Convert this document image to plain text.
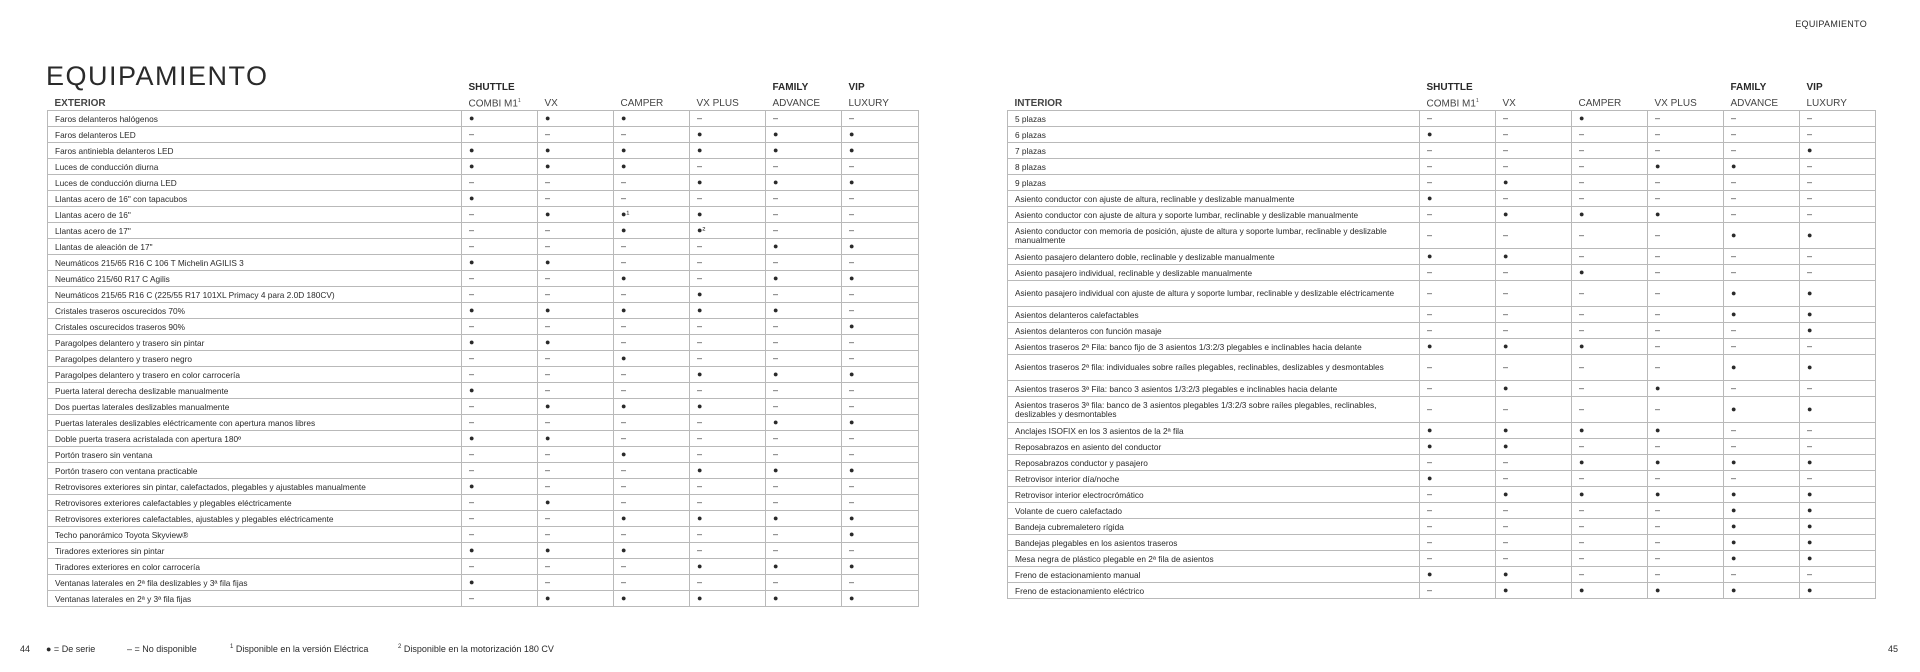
EQUIPAMIENTO
EQUIPAMIENTO
		SHUTTLE				FAMILY	VIP
EXTERIOR	COMBI $M1^1$	VX	CAMPER	VX PLUS	ADVANCE	LUXURY
Faros delanteros halógenos	●	●	●	–	–	–
Faros delanteros LED	–	–	–	●	●	●
Faros antiniebla delanteros LED	●	●	●	●	●	●
Luces de conducción diurna	●	●	●	–	–	–
Luces de conducción diurna LED	–	–	–	●	●	●
Llantas acero de 16" con tapacubos	●	–	–	–	–	–
Llantas acero de 16"	–	●	●¹	●	–	–
Llantas acero de 17"	–	–	●	●²	–	–
Llantas de aleación de 17"	–	–	–	–	●	●
Neumáticos 215/65 R16 C 106 T Michelin AGILIS 3	●	●	–	–	–	–
Neumático 215/60 R17 C Agilis	–	–	●	–	●	●
Neumáticos 215/65 R16 C (225/55 R17 101XL Primacy 4 para 2.0D 180CV)	–	–	–	●	–	–
Cristales traseros oscurecidos 70%	●	●	●	●	●	–
Cristales oscurecidos traseros 90%	–	–	–	–	–	●
Paragolpes delantero y trasero sin pintar	●	●	–	–	–	–
Paragolpes delantero y trasero negro	–	–	●	–	–	–
Paragolpes delantero y trasero en color carrocería	–	–	–	●	●	●
Puerta lateral derecha deslizable manualmente	●	–	–	–	–	–
Dos puertas laterales deslizables manualmente	–	●	●	●	–	–
Puertas laterales deslizables eléctricamente con apertura manos libres	–	–	–	–	●	●
Doble puerta trasera acristalada con apertura 180º	●	●	–	–	–	–
Portón trasero sin ventana	–	–	●	–	–	–
Portón trasero con ventana practicable	–	–	–	●	●	●
Retrovisores exteriores sin pintar, calefactados, plegables y ajustables manualmente	●	–	–	–	–	–
Retrovisores exteriores calefactables y plegables eléctricamente	–	●	–	–	–	–
Retrovisores exteriores calefactables, ajustables y plegables eléctricamente	–	–	●	●	●	●
Techo panorámico Toyota Skyview®	–	–	–	–	–	●
Tiradores exteriores sin pintar	●	●	●	–	–	–
Tiradores exteriores en color carrocería	–	–	–	●	●	●
Ventanas laterales en 2ª fila deslizables y 3ª fila fijas	●	–	–	–	–	–
Ventanas laterales en 2ª y 3ª fila fijas	–	●	●	●	●	●
	SHUTTLE				FAMILY	VIP
INTERIOR	COMBI $M1^1$	VX	CAMPER	VX PLUS	ADVANCE	LUXURY
5 plazas	–	–	●	–	–	–
6 plazas	●	–	–	–	–	–
7 plazas	–	–	–	–	–	●
8 plazas	–	–	–	●	●	–
9 plazas	–	●	–	–	–	–
Asiento conductor con ajuste de altura, reclinable y deslizable manualmente	●	–	–	–	–	–
Asiento conductor con ajuste de altura y soporte lumbar, reclinable y deslizable manualmente	–	●	●	●	–	–
Asiento conductor con memoria de posición, ajuste de altura y soporte lumbar, reclinable y deslizable manualmente	–	–	–	–	●	●
Asiento pasajero delantero doble, reclinable y deslizable manualmente	●	●	–	–	–	–
Asiento pasajero individual, reclinable y deslizable manualmente	–	–	●	–	–	–
Asiento pasajero individual con ajuste de altura y soporte lumbar, reclinable y deslizable eléctricamente	–	–	–	–	●	●
Asientos delanteros calefactables	–	–	–	–	●	●
Asientos delanteros con función masaje	–	–	–	–	–	●
Asientos traseros 2ª Fila: banco fijo de 3 asientos 1/3:2/3 plegables e inclinables hacia delante	●	●	●	–	–	–
Asientos traseros 2ª fila: individuales sobre raíles plegables, reclinables, deslizables y desmontables	–	–	–	–	●	●
Asientos traseros 3ª Fila: banco 3 asientos 1/3:2/3 plegables e inclinables hacia delante	–	●	–	●	–	–
Asientos traseros 3ª fila: banco de 3 asientos plegables 1/3:2/3 sobre raíles plegables, reclinables, deslizables y desmontables	–	–	–	–	●	●
Anclajes ISOFIX en los 3 asientos de la 2ª fila	●	●	●	●	–	–
Reposabrazos en asiento del conductor	●	●	–	–	–	–
Reposabrazos conductor y pasajero	–	–	●	●	●	●
Retrovisor interior día/noche	●	–	–	–	–	–
Retrovisor interior electrocrómático	–	●	●	●	●	●
Volante de cuero calefactado	–	–	–	–	●	●
Bandeja cubremaletero rígida	–	–	–	–	●	●
Bandejas plegables en los asientos traseros	–	–	–	–	●	●
Mesa negra de plástico plegable en 2ª fila de asientos	–	–	–	–	●	●
Freno de estacionamiento manual	●	●	–	–	–	–
Freno de estacionamiento eléctrico	–	●	●	●	●	●
44 ● = De serie	– = No disponible	$^1$ Disponible en la versión Eléctrica	$^2$ Disponible en la motorización 180 CV	45
